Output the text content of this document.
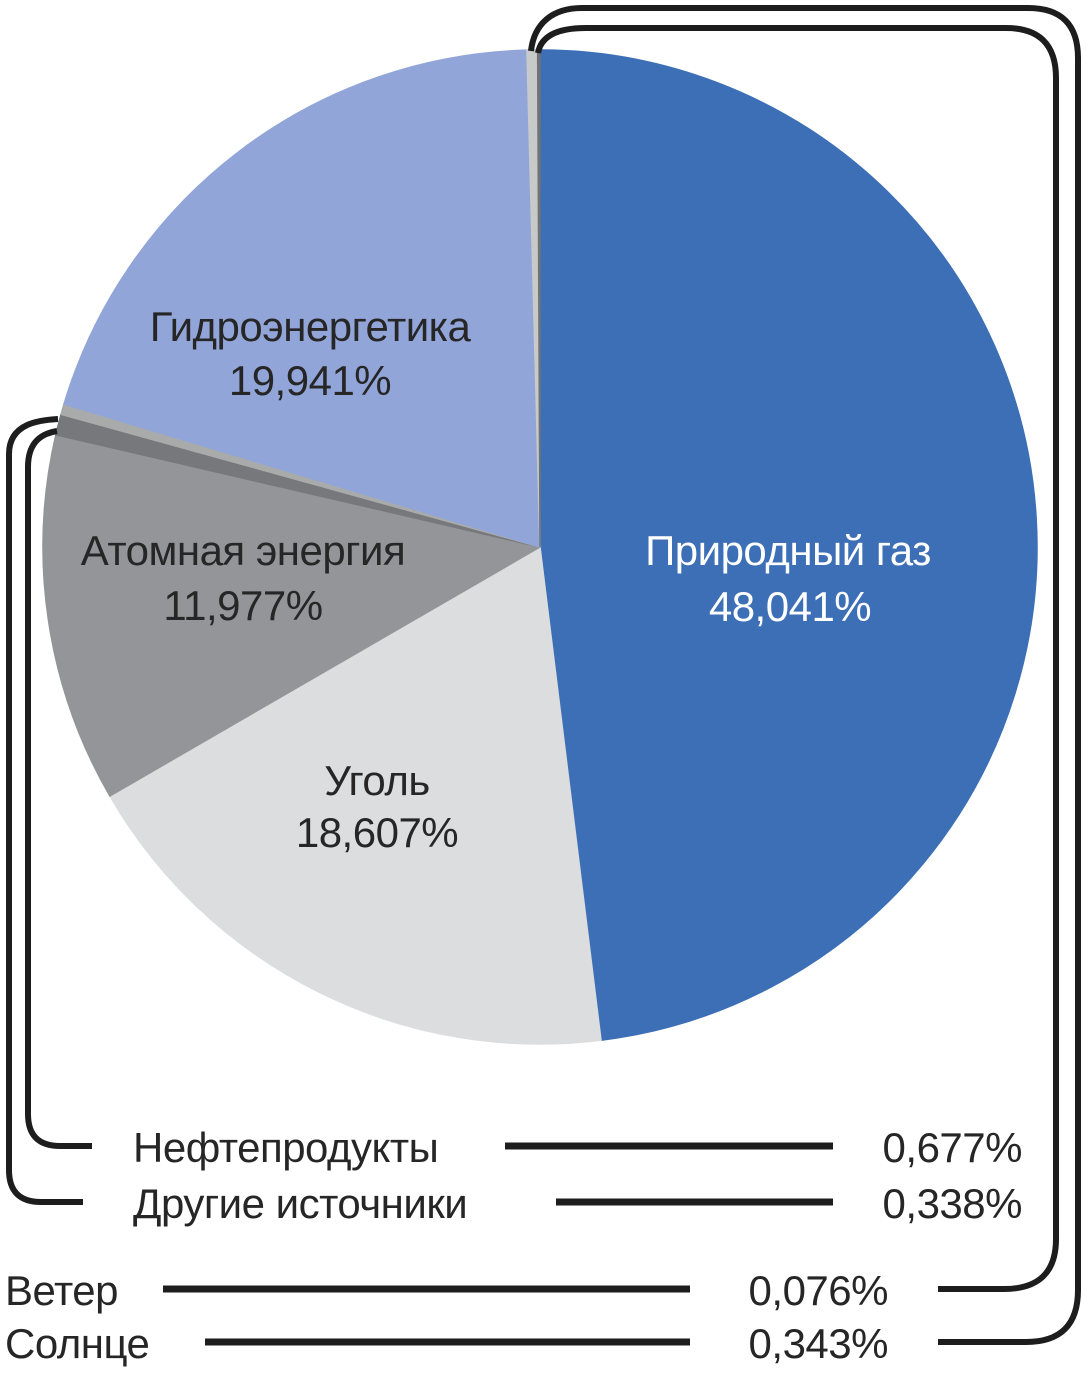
Гидроэнергетика
19,941%
Атомная энергия
11,977%
Уголь
18,607%
Природный газ
48,041%
Нефтепродукты	0,677%
Другие источники	0,338%
Ветер	0,076%
Солнце	0,343%
